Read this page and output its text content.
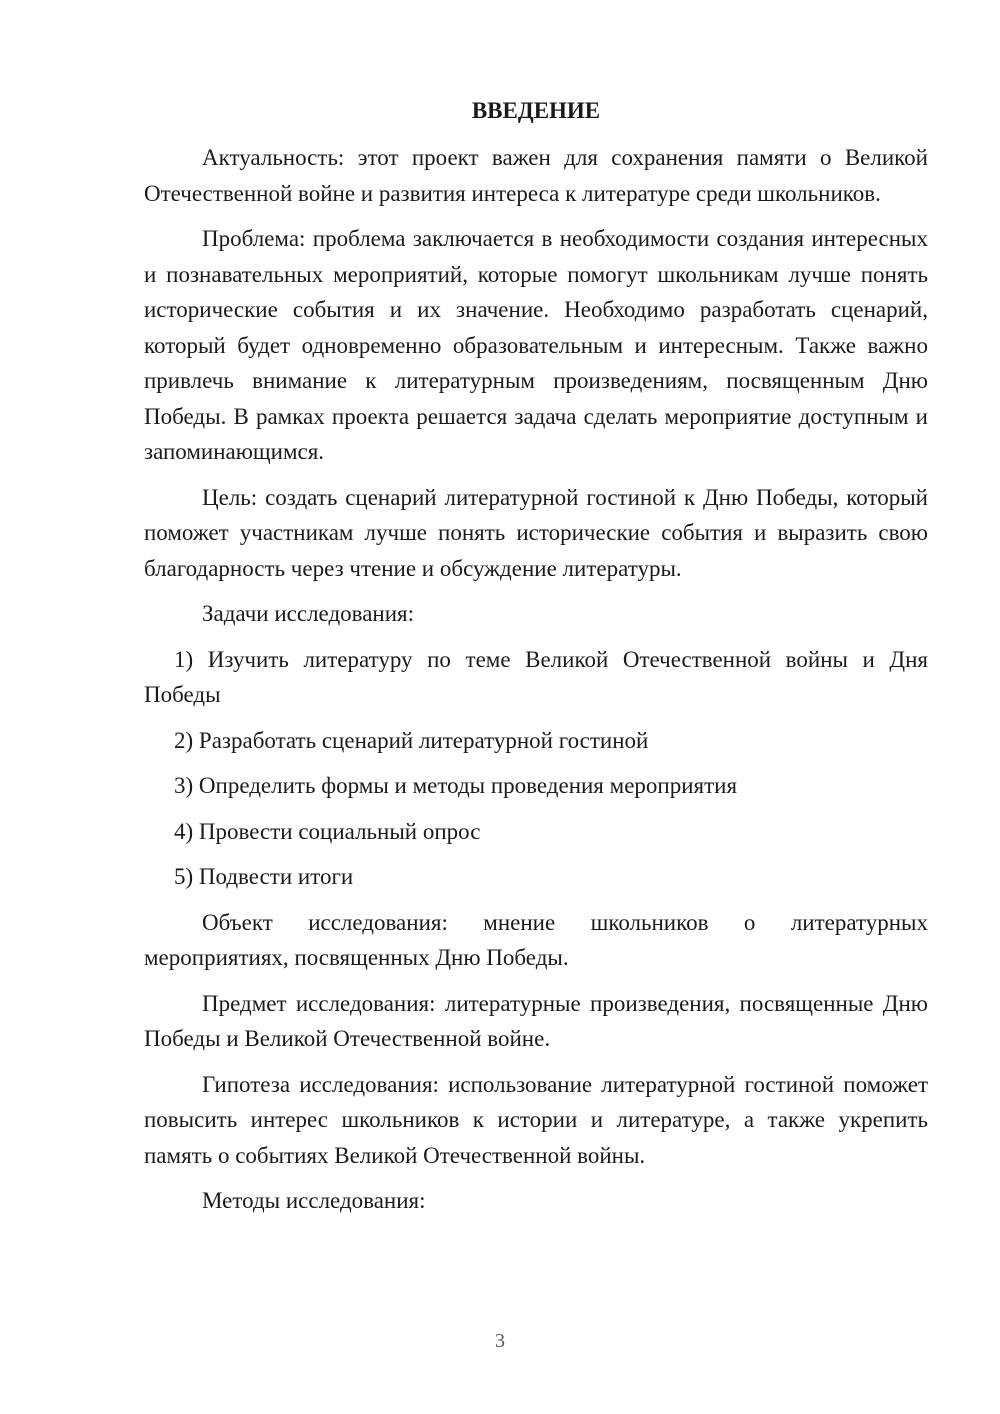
ВВЕДЕНИЕ

Актуальность: этот проект важен для сохранения памяти о Великой Отечественной войне и развития интереса к литературе среди школьников.

Проблема: проблема заключается в необходимости создания интересных и познавательных мероприятий, которые помогут школьникам лучше понять исторические события и их значение. Необходимо разработать сценарий, который будет одновременно образовательным и интересным. Также важно привлечь внимание к литературным произведениям, посвященным Дню Победы. В рамках проекта решается задача сделать мероприятие доступным и запоминающимся.

Цель: создать сценарий литературной гостиной к Дню Победы, который поможет участникам лучше понять исторические события и выразить свою благодарность через чтение и обсуждение литературы.

Задачи исследования:

1) Изучить литературу по теме Великой Отечественной войны и Дня Победы

2) Разработать сценарий литературной гостиной

3) Определить формы и методы проведения мероприятия

4) Провести социальный опрос

5) Подвести итоги

Объект исследования: мнение школьников о литературных мероприятиях, посвященных Дню Победы.

Предмет исследования: литературные произведения, посвященные Дню Победы и Великой Отечественной войне.

Гипотеза исследования: использование литературной гостиной поможет повысить интерес школьников к истории и литературе, а также укрепить память о событиях Великой Отечественной войны.

Методы исследования:

3
